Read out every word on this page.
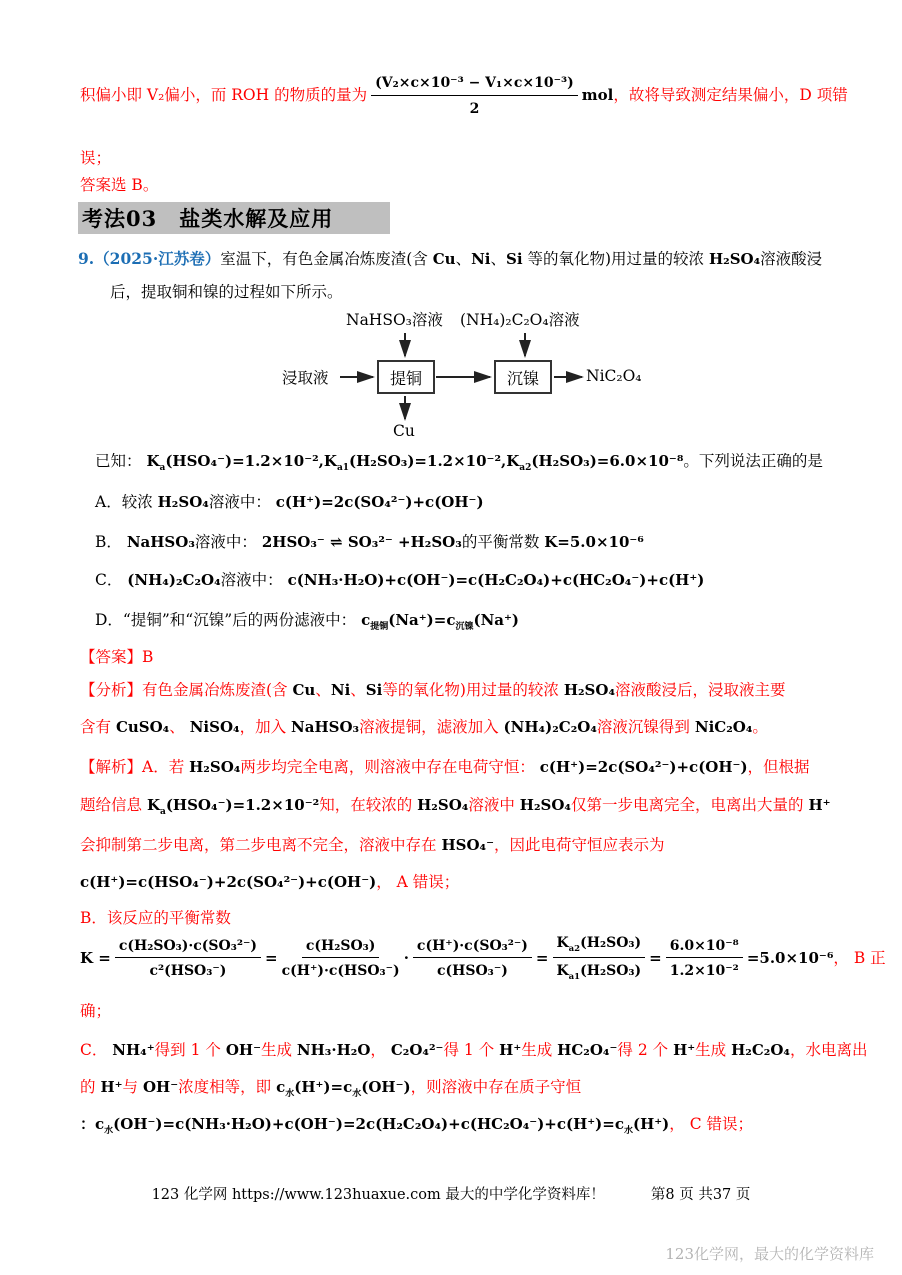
积偏小即 V₂偏小，而 ROH 的物质的量为 $\frac{\text{(V₂×c×10⁻³ − V₁×c×10⁻³)}}{2}$ mol，故将导致测定结果偏小，D 项错
误；
答案选 B。
考法03　盐类水解及应用
9.（2025·江苏卷）室温下，有色金属冶炼废渣(含 Cu、Ni、Si 等的氧化物)用过量的较浓 H₂SO₄溶液酸浸
后，提取铜和镍的过程如下所示。
NaHSO₃溶液 (NH₄)₂C₂O₄溶液
浸取液	提铜	沉镍	NiC₂O₄
Cu
已知： $K_a(HSO_4^-)=1.2\times 10^{-2},K_{a1}(H_2SO_3)=1.2\times 10^{-2},K_{a2}(H_2SO_3)=6.0\times 10^{-8}$。下列说法正确的是
A．较浓 H₂SO₄溶液中： c(H⁺)=2c(SO₄²⁻)+c(OH⁻)
B． NaHSO₃溶液中： 2HSO₃⁻ ⇌ SO₃²⁻ +H₂SO₃的平衡常数 K=5.0×10⁻⁶
C． (NH₄)₂C₂O₄溶液中： c(NH₃·H₂O)+c(OH⁻)=c(H₂C₂O₄)+c(HC₂O₄⁻)+c(H⁺)
D．“提铜”和“沉镍”后的两份滤液中： $c_{提铜}(Na^+)=c_{沉镍}(Na^+)$
【答案】B
【分析】有色金属冶炼废渣(含 Cu、Ni、Si等的氧化物)用过量的较浓 H₂SO₄溶液酸浸后，浸取液主要
含有 CuSO₄、 NiSO₄，加入 NaHSO₃溶液提铜，滤液加入 (NH₄)₂C₂O₄溶液沉镍得到 NiC₂O₄。
【解析】A．若 H₂SO₄两步均完全电离，则溶液中存在电荷守恒： c(H⁺)=2c(SO₄²⁻)+c(OH⁻)，但根据
题给信息 $K_a(HSO_4^-)=1.2\times 10^{-2}$知，在较浓的 H₂SO₄溶液中 H₂SO₄仅第一步电离完全，电离出大量的 H⁺
会抑制第二步电离，第二步电离不完全，溶液中存在 HSO₄⁻，因此电荷守恒应表示为
c(H⁺)=c(HSO₄⁻)+2c(SO₄²⁻)+c(OH⁻)， A 错误；
B．该反应的平衡常数
$K = \frac{\text{c(H₂SO₃)·c(SO₃²⁻)}}{\text{c²(HSO₃⁻)}} = \frac{\text{c(H₂SO₃)}}{\text{c(H⁺)·c(HSO₃⁻)}} \cdot \frac{\text{c(H⁺)·c(SO₃²⁻)}}{\text{c(HSO₃⁻)}} = \frac{K_{a2}(H_2SO_3)}{K_{a1}(H_2SO_3)} = \frac{\text{6.0×10⁻⁸}}{\text{1.2×10⁻²}} =5.0\times 10^{-6}$， B 正
确；
C． NH₄⁺得到 1 个 OH⁻生成 NH₃·H₂O， C₂O₄²⁻得 1 个 H⁺生成 HC₂O₄⁻得 2 个 H⁺生成 H₂C₂O₄，水电离出
的 H⁺与 OH⁻浓度相等，即 $c_水(H^+)=c_水(OH^-)$，则溶液中存在质子守恒
：$c_水(OH^-)=c(NH_3\cdot H_2O)+c(OH^-)=2c(H_2C_2O_4)+c(HC_2O_4^-)+c(H^+)=c_水(H^+)$， C 错误；
123 化学网 https://www.123huaxue.com 最大的中学化学资料库！	第8 页 共37 页
123化学网，最大的化学资料库
